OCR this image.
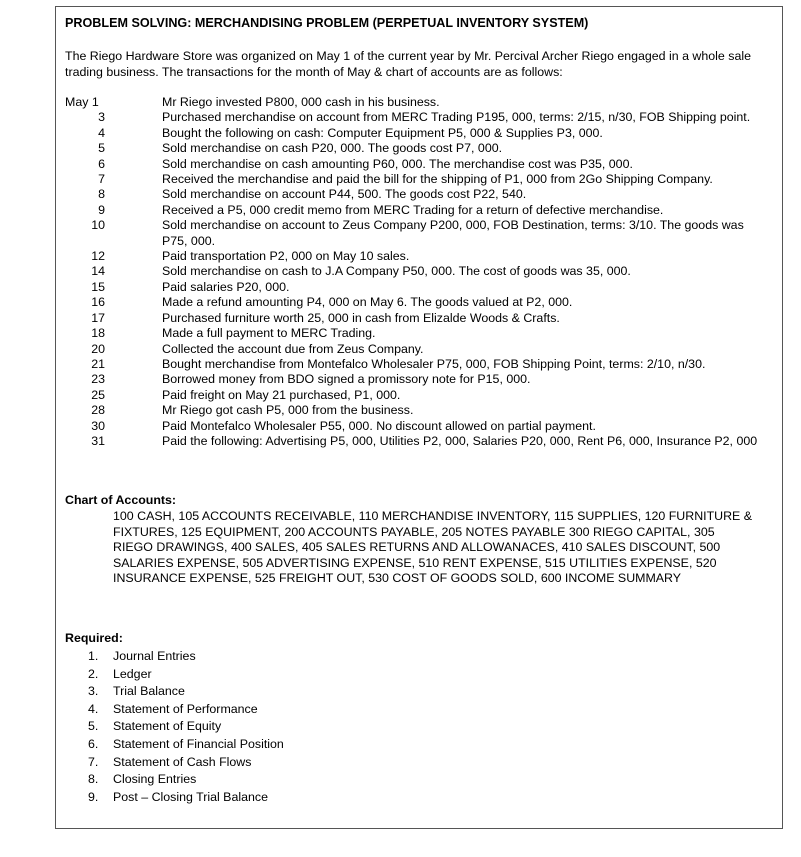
PROBLEM SOLVING: MERCHANDISING PROBLEM (PERPETUAL INVENTORY SYSTEM)
The Riego Hardware Store was organized on May 1 of the current year by Mr. Percival Archer Riego engaged in a whole sale trading business. The transactions for the month of May & chart of accounts are as follows:
May 1	Mr Riego invested P800, 000 cash in his business.
3	Purchased merchandise on account from MERC Trading P195, 000, terms: 2/15, n/30, FOB Shipping point.
4	Bought the following on cash: Computer Equipment P5, 000 & Supplies P3, 000.
5	Sold merchandise on cash P20, 000. The goods cost P7, 000.
6	Sold merchandise on cash amounting P60, 000. The merchandise cost was P35, 000.
7	Received the merchandise and paid the bill for the shipping of P1, 000 from 2Go Shipping Company.
8	Sold merchandise on account P44, 500. The goods cost P22, 540.
9	Received a P5, 000 credit memo from MERC Trading for a return of defective merchandise.
10	Sold merchandise on account to Zeus Company P200, 000, FOB Destination, terms: 3/10. The goods was P75, 000.
12	Paid transportation P2, 000 on May 10 sales.
14	Sold merchandise on cash to J.A Company P50, 000. The cost of goods was 35, 000.
15	Paid salaries P20, 000.
16	Made a refund amounting P4, 000 on May 6. The goods valued at P2, 000.
17	Purchased furniture worth 25, 000 in cash from Elizalde Woods & Crafts.
18	Made a full payment to MERC Trading.
20	Collected the account due from Zeus Company.
21	Bought merchandise from Montefalco Wholesaler P75, 000, FOB Shipping Point, terms: 2/10, n/30.
23	Borrowed money from BDO signed a promissory note for P15, 000.
25	Paid freight on May 21 purchased, P1, 000.
28	Mr Riego got cash P5, 000 from the business.
30	Paid Montefalco Wholesaler P55, 000. No discount allowed on partial payment.
31	Paid the following: Advertising P5, 000, Utilities P2, 000, Salaries P20, 000, Rent P6, 000, Insurance P2, 000
Chart of Accounts:
100 CASH, 105 ACCOUNTS RECEIVABLE, 110 MERCHANDISE INVENTORY, 115 SUPPLIES, 120 FURNITURE & FIXTURES, 125 EQUIPMENT, 200 ACCOUNTS PAYABLE, 205 NOTES PAYABLE 300 RIEGO CAPITAL, 305 RIEGO DRAWINGS, 400 SALES, 405 SALES RETURNS AND ALLOWANACES, 410 SALES DISCOUNT, 500 SALARIES EXPENSE, 505 ADVERTISING EXPENSE, 510 RENT EXPENSE, 515 UTILITIES EXPENSE, 520 INSURANCE EXPENSE, 525 FREIGHT OUT, 530 COST OF GOODS SOLD, 600 INCOME SUMMARY
Required:
1. Journal Entries
2. Ledger
3. Trial Balance
4. Statement of Performance
5. Statement of Equity
6. Statement of Financial Position
7. Statement of Cash Flows
8. Closing Entries
9. Post – Closing Trial Balance
